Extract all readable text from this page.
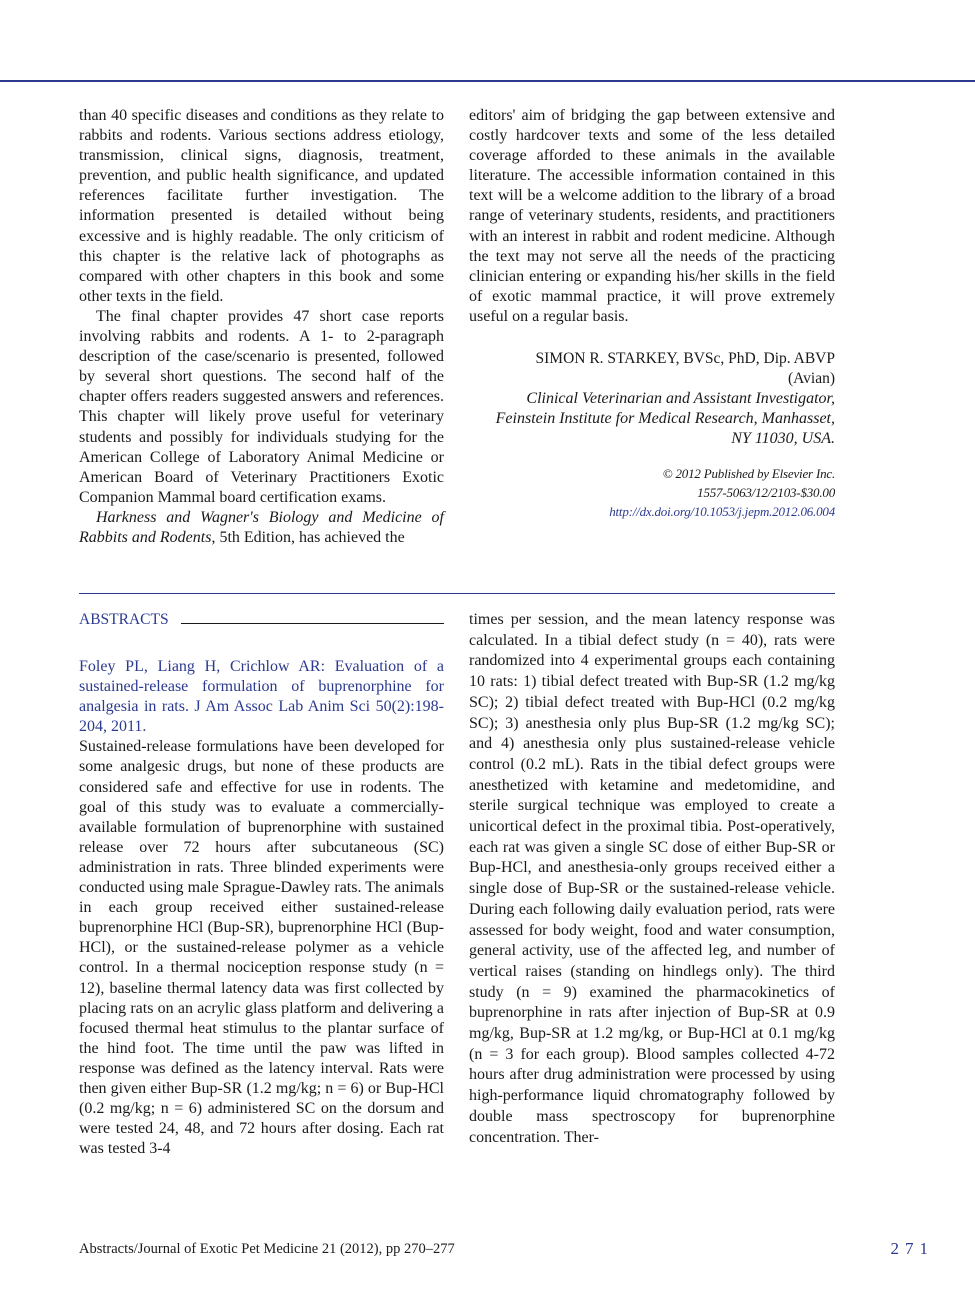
than 40 specific diseases and conditions as they relate to rabbits and rodents. Various sections address etiology, transmission, clinical signs, diagnosis, treatment, prevention, and public health significance, and updated references facilitate further investigation. The information presented is detailed without being excessive and is highly readable. The only criticism of this chapter is the relative lack of photographs as compared with other chapters in this book and some other texts in the field.

The final chapter provides 47 short case reports involving rabbits and rodents. A 1- to 2-paragraph description of the case/scenario is presented, followed by several short questions. The second half of the chapter offers readers suggested answers and references. This chapter will likely prove useful for veterinary students and possibly for individuals studying for the American College of Laboratory Animal Medicine or American Board of Veterinary Practitioners Exotic Companion Mammal board certification exams.

Harkness and Wagner's Biology and Medicine of Rabbits and Rodents, 5th Edition, has achieved the

editors' aim of bridging the gap between extensive and costly hardcover texts and some of the less detailed coverage afforded to these animals in the available literature. The accessible information contained in this text will be a welcome addition to the library of a broad range of veterinary students, residents, and practitioners with an interest in rabbit and rodent medicine. Although the text may not serve all the needs of the practicing clinician entering or expanding his/her skills in the field of exotic mammal practice, it will prove extremely useful on a regular basis.

SIMON R. STARKEY, BVSc, PhD, Dip. ABVP
(Avian)
Clinical Veterinarian and Assistant Investigator,
Feinstein Institute for Medical Research, Manhasset,
NY 11030, USA.
© 2012 Published by Elsevier Inc.
1557-5063/12/2103-$30.00
http://dx.doi.org/10.1053/j.jepm.2012.06.004
ABSTRACTS

Foley PL, Liang H, Crichlow AR: Evaluation of a sustained-release formulation of buprenorphine for analgesia in rats. J Am Assoc Lab Anim Sci 50(2):198-204, 2011.

Sustained-release formulations have been developed for some analgesic drugs, but none of these products are considered safe and effective for use in rodents. The goal of this study was to evaluate a commercially-available formulation of buprenorphine with sustained release over 72 hours after subcutaneous (SC) administration in rats. Three blinded experiments were conducted using male Sprague-Dawley rats. The animals in each group received either sustained-release buprenorphine HCl (Bup-SR), buprenorphine HCl (Bup-HCl), or the sustained-release polymer as a vehicle control. In a thermal nociception response study (n = 12), baseline thermal latency data was first collected by placing rats on an acrylic glass platform and delivering a focused thermal heat stimulus to the plantar surface of the hind foot. The time until the paw was lifted in response was defined as the latency interval. Rats were then given either Bup-SR (1.2 mg/kg; n = 6) or Bup-HCl (0.2 mg/kg; n = 6) administered SC on the dorsum and were tested 24, 48, and 72 hours after dosing. Each rat was tested 3-4

times per session, and the mean latency response was calculated. In a tibial defect study (n = 40), rats were randomized into 4 experimental groups each containing 10 rats: 1) tibial defect treated with Bup-SR (1.2 mg/kg SC); 2) tibial defect treated with Bup-HCl (0.2 mg/kg SC); 3) anesthesia only plus Bup-SR (1.2 mg/kg SC); and 4) anesthesia only plus sustained-release vehicle control (0.2 mL). Rats in the tibial defect groups were anesthetized with ketamine and medetomidine, and sterile surgical technique was employed to create a unicortical defect in the proximal tibia. Post-operatively, each rat was given a single SC dose of either Bup-SR or Bup-HCl, and anesthesia-only groups received either a single dose of Bup-SR or the sustained-release vehicle. During each following daily evaluation period, rats were assessed for body weight, food and water consumption, general activity, use of the affected leg, and number of vertical raises (standing on hindlegs only). The third study (n = 9) examined the pharmacokinetics of buprenorphine in rats after injection of Bup-SR at 0.9 mg/kg, Bup-SR at 1.2 mg/kg, or Bup-HCl at 0.1 mg/kg (n = 3 for each group). Blood samples collected 4-72 hours after drug administration were processed by using high-performance liquid chromatography followed by double mass spectroscopy for buprenorphine concentration. Ther-

Abstracts/Journal of Exotic Pet Medicine 21 (2012), pp 270–277	271
